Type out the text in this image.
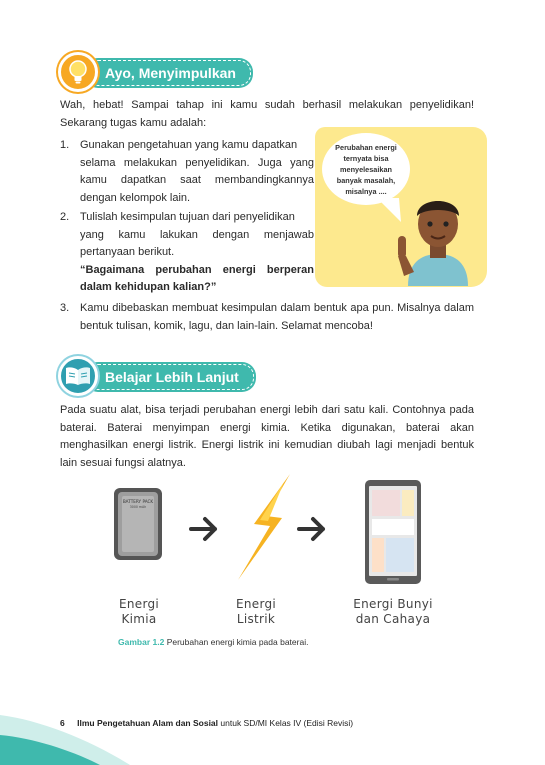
Ayo, Menyimpulkan

Wah, hebat! Sampai tahap ini kamu sudah berhasil melakukan penyelidikan! Sekarang tugas kamu adalah:

1. Gunakan pengetahuan yang kamu dapatkan
selama melakukan penyelidikan. Juga yang
kamu dapatkan saat membandingkannya
dengan kelompok lain.
2. Tulislah kesimpulan tujuan dari penyelidikan
yang kamu lakukan dengan menjawab
pertanyaan berikut.
“Bagaimana perubahan energi berperan dalam kehidupan kalian?”
3. Kamu dibebaskan membuat kesimpulan dalam bentuk apa pun. Misalnya dalam bentuk tulisan, komik, lagu, dan lain-lain. Selamat mencoba!
Perubahan energi ternyata bisa menyelesaikan banyak masalah, misalnya ....
Belajar Lebih Lanjut

Pada suatu alat, bisa terjadi perubahan energi lebih dari satu kali. Contohnya pada baterai. Baterai menyimpan energi kimia. Ketika digunakan, baterai akan menghasilkan energi listrik. Energi listrik ini kemudian diubah lagi menjadi bentuk lain sesuai fungsi alatnya.

BATTERY PACK
3000 mAh
Energi
Kimia
Energi
Listrik
Energi Bunyi
dan Cahaya
Gambar 1.2 Perubahan energi kimia pada baterai.
6 Ilmu Pengetahuan Alam dan Sosial untuk SD/MI Kelas IV (Edisi Revisi)
